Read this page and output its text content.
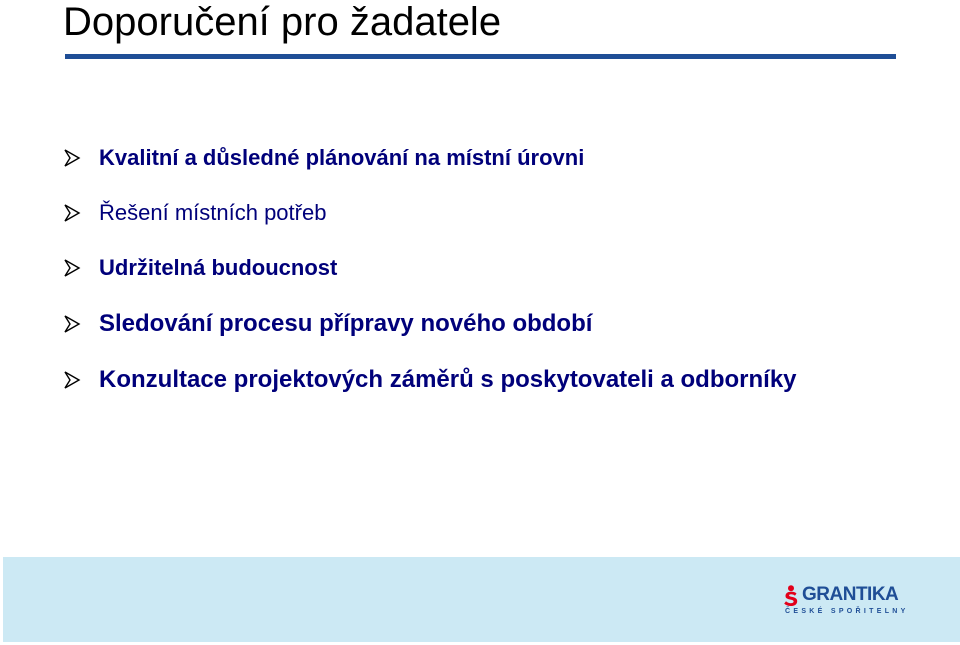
Doporučení pro žadatele
Kvalitní a důsledné plánování na místní úrovni
Řešení místních potřeb
Udržitelná budoucnost
Sledování procesu přípravy nového období
Konzultace projektových záměrů s poskytovateli a odborníky
GRANTIKA
ČESKÉ SPOŘITELNY
